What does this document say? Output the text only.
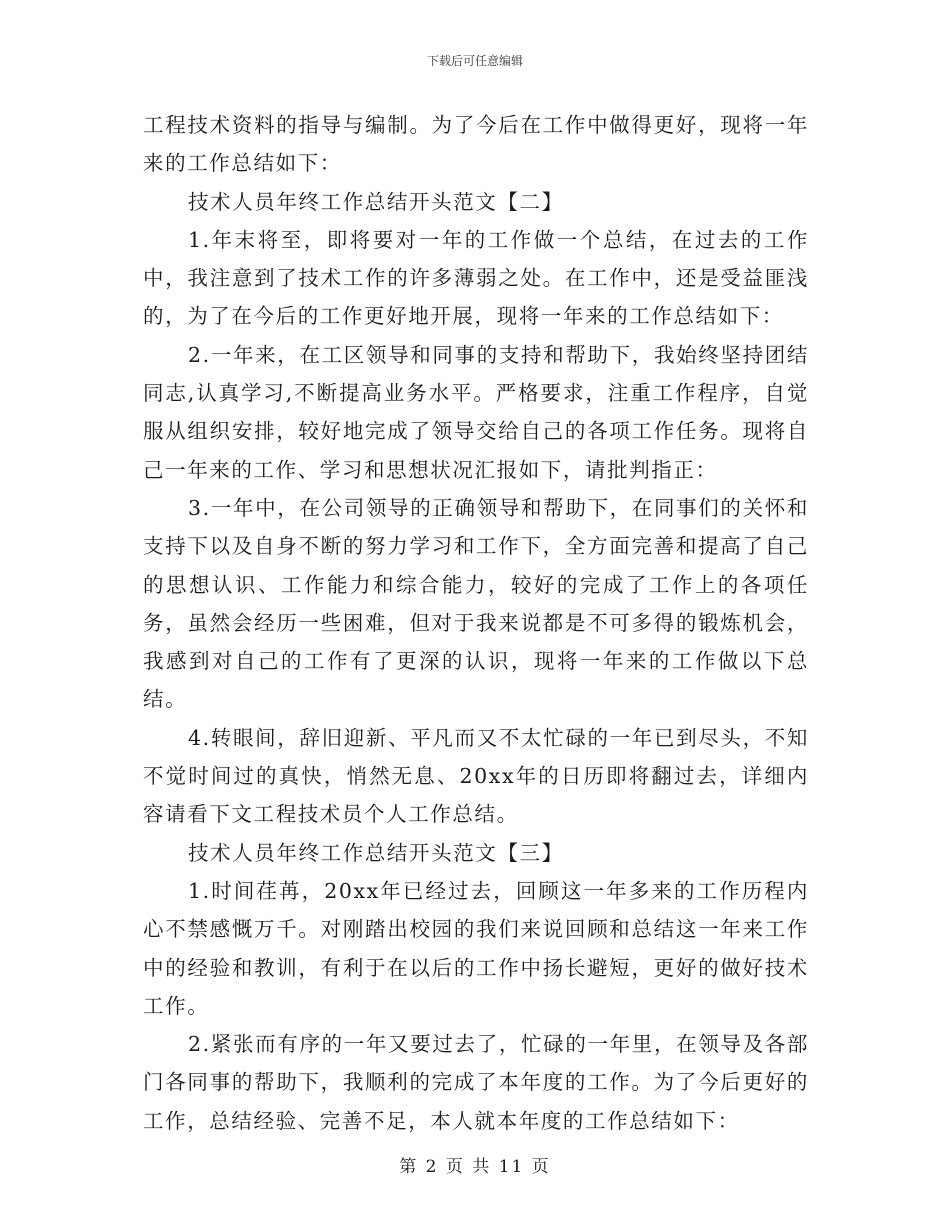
下载后可任意编辑

工程技术资料的指导与编制。为了今后在工作中做得更好，现将一年来的工作总结如下：

技术人员年终工作总结开头范文【二】

1.年末将至，即将要对一年的工作做一个总结，在过去的工作中，我注意到了技术工作的许多薄弱之处。在工作中，还是受益匪浅的，为了在今后的工作更好地开展，现将一年来的工作总结如下：

2.一年来，在工区领导和同事的支持和帮助下，我始终坚持团结同志,认真学习,不断提高业务水平。严格要求，注重工作程序，自觉服从组织安排，较好地完成了领导交给自己的各项工作任务。现将自己一年来的工作、学习和思想状况汇报如下，请批判指正：

3.一年中，在公司领导的正确领导和帮助下，在同事们的关怀和支持下以及自身不断的努力学习和工作下，全方面完善和提高了自己的思想认识、工作能力和综合能力，较好的完成了工作上的各项任务，虽然会经历一些困难，但对于我来说都是不可多得的锻炼机会，我感到对自己的工作有了更深的认识，现将一年来的工作做以下总结。

4.转眼间，辞旧迎新、平凡而又不太忙碌的一年已到尽头，不知不觉时间过的真快，悄然无息、20xx年的日历即将翻过去，详细内容请看下文工程技术员个人工作总结。

技术人员年终工作总结开头范文【三】

1.时间荏苒，20xx年已经过去，回顾这一年多来的工作历程内心不禁感慨万千。对刚踏出校园的我们来说回顾和总结这一年来工作中的经验和教训，有利于在以后的工作中扬长避短，更好的做好技术工作。

2.紧张而有序的一年又要过去了，忙碌的一年里，在领导及各部门各同事的帮助下，我顺利的完成了本年度的工作。为了今后更好的工作，总结经验、完善不足，本人就本年度的工作总结如下：

第 2 页 共 11 页
